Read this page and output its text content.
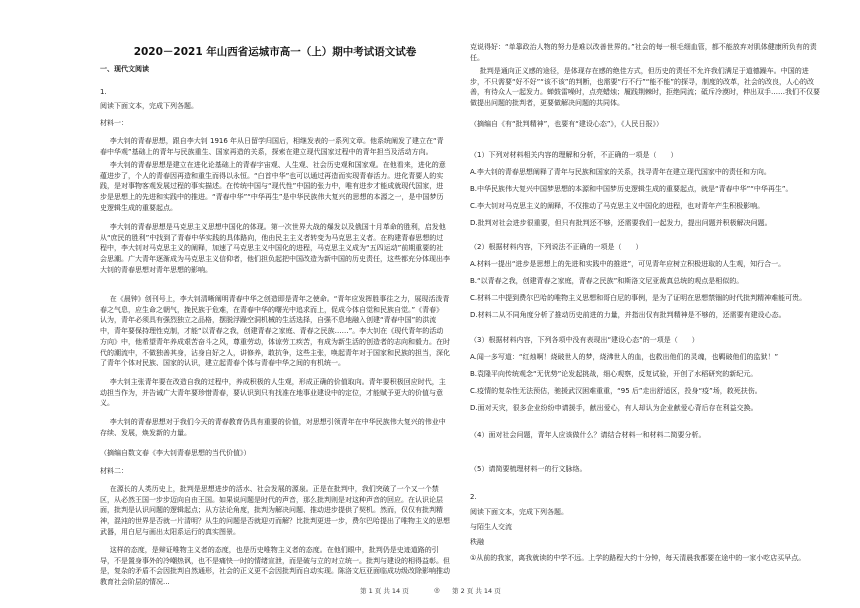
2020－2021 年山西省运城市高一（上）期中考试语文试卷

一、现代文阅读

1.

阅读下面文本，完成下列各题。

材料一：

李大钊的青春思想，跟自李大钊 1916 年从日留学归国后，相继发表的一系列文章。他系统阐发了建立在“青春中华观”基础上的青年与民族重生、国家再造的关系，探索在建立现代国家过程中的青年担当及活动方向。

李大钊的青春思想是建立在进化论基础上的青春宇宙观、人生观、社会历史观和国家观。在他看来，进化的意蕴进步了，个人的青春因再造和重生而得以永恒。“白首中华”也可以通过再造而实现青春活力。进化青要人的实践，是对事物客观发展过程的事实描述。在传统中国与“现代性”中国的张力中，唯有进步才能成就现代国家，进步是思想上的先进和实践中的推进。“青春中华”“中华再生”是中华民族伟大复兴的思想的本源之一，是中国梦历史逻辑生成的重要起点。

李大钊的青春思想是马克思主义思想中国化的体现。第一次世界大战的爆发以及俄国十月革命的胜利，启发他从“庶民的胜利”中找到了青春中华实践的具体路向，他由民主主义者转变为马克思主义者。在构建青春思想的过程中，李大钊对马克思主义的阐释，加速了马克思主义中国化的进程，马克思主义成为“五四运动”前期重要的社会思潮。广大青年逐渐成为马克思主义信仰者，他们担负起把中国改造为新中国的历史责任，这些都充分体现出李大钊的青春思想对青年思想的影响。

在《晨钟》创刊号上，李大钊清晰阐明青春中华之创造即是青年之使命。“青年应发挥胜事往之力，展现活泼青春之气息，应生命之朝气，挽民族于危难，在青春中华的曙光中追求而上，促成今体自觉和民族自觉。”《青春》认为，青年必须具有强烈独立之品格，摆脱浮躁空洞机械的生活选择，自强不息地融入创建“青春中国”的洪流中，青年要保持理性克制，才能“以青春之我，创建青春之家庭、青春之民族……”。李大钊在《现代青年的活动方向》中，他希望青年养成艰苦奋斗之风，尊重劳动，体谅劳工疾苦，有成为新生活的创造者的志向和毅力。在时代的潮流中，不做独善其身，沾身自好之人，讲修养，敢抗争，这些主张，唤起青年对于国家和民族的担当，深化了青年个体对民族、国家的认识，建立起青春个体与青春中华之间的有机统一。

李大钊主张青年要在改造自我的过程中，养成积极的人生观，形成正确的价值取向。青年要积极回应时代，主动担当作为，并告诫广大青年要珍惜青春，要认识到只有找准在地事业建设中的定位，才能赋予更大的价值与意义。

李大钊的青春思想对于我们今天的青春教育仍具有重要的价值，对思想引领青年在中华民族伟大复兴的伟业中存续、发展，焕发新的力量。

（摘编自数文春《李大钊青春思想的当代价值》）

材料二：

在源长的人类历史上，批判是思想进步的活水、社会发展的源泉。正是在批判中，我们突破了一个又一个禁区，从必然王国一步步迈向自由王国。如果说问题是时代的声音，那么批判则是对这种声音的回应。在认识论层面，批判是认识问题的逻辑起点；从方法论角度，批判为解决问题、推动进步提供了契机。然而，仅仅有批判精神，混沌的世界是否就一片清明？从生的问题是否就迎刃而解？比批判更进一步，费尔巴哈提出了唯物主义的思想武器，用白尼与画出太阳系运行的真实图景。

这样的态度，是辩证唯物主义者的态度，也是历史唯物主义者的态度。在他们眼中，批判仍是史迹道路的引导，不是置身事外的冷嘲热讽，也不是痛快一时的情绪宣泄，而是破与立的对立统一。批判与建设的相得益彰。但是，复杂的矛盾不会因批判自然通形，社会的正义更不会因批判而自动实现。陈洛文厄亚面临成功级改除影响推动教育社会阶层的情况...

克说得好：“单靠政治人物的努力是难以改善世界的。”社会的每一根毛细血管，都不能放弃对肌体健康所负有的责任。

批判是通向正义感的途径，是体现存在感的绝佳方式，但历史的责任不允许我们满足于道德躁车。中国的进步，不只需要“好不好”“该不该”的判断，也需要“行不行”“能不能”的探寻，制度的改革，社会的改良，人心的改善，有待众人一起发力。蝉鼓雷噪时，点亮蜡烛；履践荆棘时，拒绝同流；砥斥冷漠时，伸出双手……我们不仅要做提出问题的批判者，更要做解决问题的共同体。

（摘编自《有“批判精神”，也要有“建设心态”》，《人民日报》）

（1）下列对材料相关内容的理解和分析，不正确的一项是（　　）

A.李大钊的青春思想阐释了青年与民族和国家的关系，找寻青年在建立现代国家中的责任和方向。

B.中华民族伟大复兴中国梦思想的本源和中国梦历史逻辑生成的重要起点，就是“青春中华”“中华再生”。

C.李大钊对马克思主义的阐释，不仅推动了马克思主义中国化的进程，也对青年产生积极影响。

D.批判对社会进步很重要，但只有批判还不够，还需要我们一起发力，提出问题并积极解决问题。

（2）根据材料内容，下列说法不正确的一项是（　　）

A.材料一提出“进步是思想上的先进和实践中的推进”，可见青年应树立积极进取的人生观，知行合一。

B.“以青春之我，创建青春之家庭，青春之民族”和斯洛文尼亚裁真总统的观点是相似的。

C.材料二中提到费尔巴哈的唯物主义思想和哥白尼的事例，是为了证明在思想禁锢的时代批判精神难能可贵。

D.材料二从不同角度分析了推动历史前进的力量，并指出仅有批判精神是不够的，还需要有建设心态。

（3）根据材料内容，下列各项中没有表现出“建设心态”的一项是（　　）

A.闻一多写道：“红烛啊！烧破世人的梦，烧沸世人的血，也救出他们的灵魂，也羁破他们的监狱！”

B.袁隆平向传统观念“无优势”论发起挑战，细心观察，反复试验，开创了水稻研究的新纪元。

C.疫情的复杂性无法预估，驰援武汉困难重重，“95 后”走出舒适区，投身“疫”场，救死扶伤。

D.面对天灾，很多企业纷纷申请援手，献出爱心，有人却认为企业献爱心背后存在利益交换。

（4）面对社会问题，青年人应该做什么？请结合材料一和材料二简要分析。

（5）请简要梳理材料一的行文脉络。

2.

阅读下面文本，完成下列各题。

与陌生人交流

秩融

①从前的我家，离我就读的中学不远。上学的路程大约十分钟，每天清晨我都要在途中的一家小吃店买早点。

第 1 页 共 14 页	◎ 第 2 页 共 14 页
